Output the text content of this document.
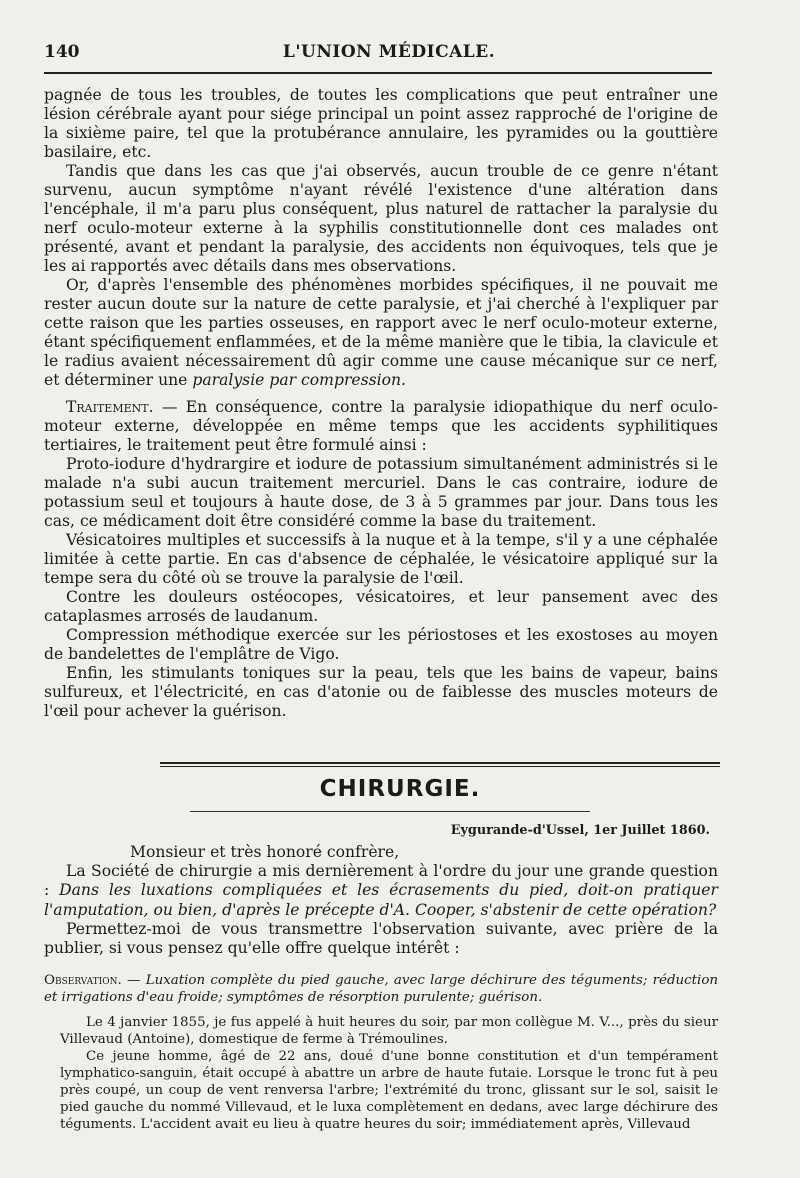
140	L'UNION MÉDICALE.

pagnée de tous les troubles, de toutes les complications que peut entraîner une lésion cérébrale ayant pour siége principal un point assez rapproché de l'origine de la sixième paire, tel que la protubérance annulaire, les pyramides ou la gouttière basilaire, etc.

Tandis que dans les cas que j'ai observés, aucun trouble de ce genre n'étant survenu, aucun symptôme n'ayant révélé l'existence d'une altération dans l'encéphale, il m'a paru plus conséquent, plus naturel de rattacher la paralysie du nerf oculo-moteur externe à la syphilis constitutionnelle dont ces malades ont présenté, avant et pendant la paralysie, des accidents non équivoques, tels que je les ai rapportés avec détails dans mes observations.

Or, d'après l'ensemble des phénomènes morbides spécifiques, il ne pouvait me rester aucun doute sur la nature de cette paralysie, et j'ai cherché à l'expliquer par cette raison que les parties osseuses, en rapport avec le nerf oculo-moteur externe, étant spécifiquement enflammées, et de la même manière que le tibia, la clavicule et le radius avaient nécessairement dû agir comme une cause mécanique sur ce nerf, et déterminer une paralysie par compression.

Traitement. — En conséquence, contre la paralysie idiopathique du nerf oculo-moteur externe, développée en même temps que les accidents syphilitiques tertiaires, le traitement peut être formulé ainsi :

Proto-iodure d'hydrargire et iodure de potassium simultanément administrés si le malade n'a subi aucun traitement mercuriel. Dans le cas contraire, iodure de potassium seul et toujours à haute dose, de 3 à 5 grammes par jour. Dans tous les cas, ce médicament doit être considéré comme la base du traitement.

Vésicatoires multiples et successifs à la nuque et à la tempe, s'il y a une céphalée limitée à cette partie. En cas d'absence de céphalée, le vésicatoire appliqué sur la tempe sera du côté où se trouve la paralysie de l'œil.

Contre les douleurs ostéocopes, vésicatoires, et leur pansement avec des cataplasmes arrosés de laudanum.

Compression méthodique exercée sur les périostoses et les exostoses au moyen de bandelettes de l'emplâtre de Vigo.

Enfin, les stimulants toniques sur la peau, tels que les bains de vapeur, bains sulfureux, et l'électricité, en cas d'atonie ou de faiblesse des muscles moteurs de l'œil pour achever la guérison.

CHIRURGIE.
Eygurande-d'Ussel, 1er Juillet 1860.

Monsieur et très honoré confrère,

La Société de chirurgie a mis dernièrement à l'ordre du jour une grande question : Dans les luxations compliquées et les écrasements du pied, doit-on pratiquer l'amputation, ou bien, d'après le précepte d'A. Cooper, s'abstenir de cette opération?

Permettez-moi de vous transmettre l'observation suivante, avec prière de la publier, si vous pensez qu'elle offre quelque intérêt :

Observation. — Luxation complète du pied gauche, avec large déchirure des téguments; réduction et irrigations d'eau froide; symptômes de résorption purulente; guérison.

Le 4 janvier 1855, je fus appelé à huit heures du soir, par mon collègue M. V..., près du sieur Villevaud (Antoine), domestique de ferme à Trémoulines.

Ce jeune homme, âgé de 22 ans, doué d'une bonne constitution et d'un tempérament lymphatico-sanguin, était occupé à abattre un arbre de haute futaie. Lorsque le tronc fut à peu près coupé, un coup de vent renversa l'arbre; l'extrémité du tronc, glissant sur le sol, saisit le pied gauche du nommé Villevaud, et le luxa complètement en dedans, avec large déchirure des téguments. L'accident avait eu lieu à quatre heures du soir; immédiatement après, Villevaud
